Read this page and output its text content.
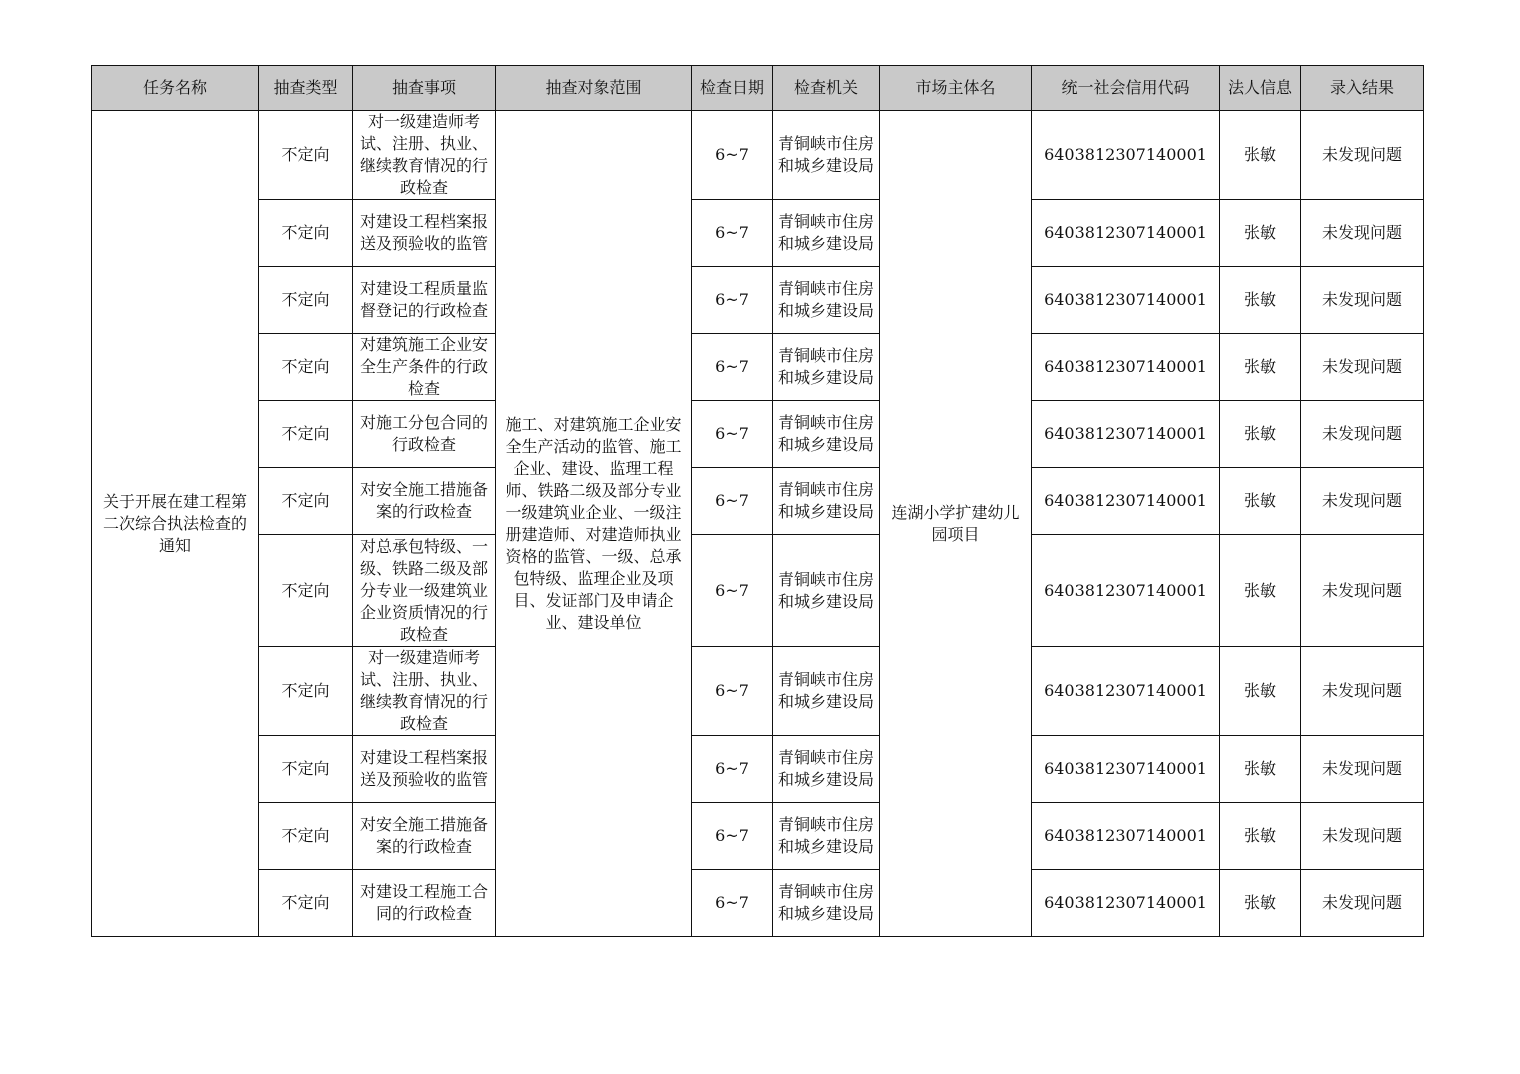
任务名称	抽查类型	抽查事项	抽查对象范围	检查日期	检查机关	市场主体名	统一社会信用代码	法人信息	录入结果
关于开展在建工程第二次综合执法检查的通知	不定向	对一级建造师考试、注册、执业、继续教育情况的行政检查	施工、对建筑施工企业安全生产活动的监管、施工企业、建设、监理工程师、铁路二级及部分专业一级建筑业企业、一级注册建造师、对建造师执业资格的监管、一级、总承包特级、监理企业及项目、发证部门及申请企业、建设单位	6~7	青铜峡市住房和城乡建设局	连湖小学扩建幼儿园项目	6403812307140001	张敏	未发现问题
	不定向	对建设工程档案报送及预验收的监管		6~7	青铜峡市住房和城乡建设局		6403812307140001	张敏	未发现问题
	不定向	对建设工程质量监督登记的行政检查		6~7	青铜峡市住房和城乡建设局		6403812307140001	张敏	未发现问题
	不定向	对建筑施工企业安全生产条件的行政检查		6~7	青铜峡市住房和城乡建设局		6403812307140001	张敏	未发现问题
	不定向	对施工分包合同的行政检查		6~7	青铜峡市住房和城乡建设局		6403812307140001	张敏	未发现问题
	不定向	对安全施工措施备案的行政检查		6~7	青铜峡市住房和城乡建设局		6403812307140001	张敏	未发现问题
	不定向	对总承包特级、一级、铁路二级及部分专业一级建筑业企业资质情况的行政检查		6~7	青铜峡市住房和城乡建设局		6403812307140001	张敏	未发现问题
	不定向	对一级建造师考试、注册、执业、继续教育情况的行政检查		6~7	青铜峡市住房和城乡建设局		6403812307140001	张敏	未发现问题
	不定向	对建设工程档案报送及预验收的监管		6~7	青铜峡市住房和城乡建设局		6403812307140001	张敏	未发现问题
	不定向	对安全施工措施备案的行政检查		6~7	青铜峡市住房和城乡建设局		6403812307140001	张敏	未发现问题
	不定向	对建设工程施工合同的行政检查		6~7	青铜峡市住房和城乡建设局		6403812307140001	张敏	未发现问题
